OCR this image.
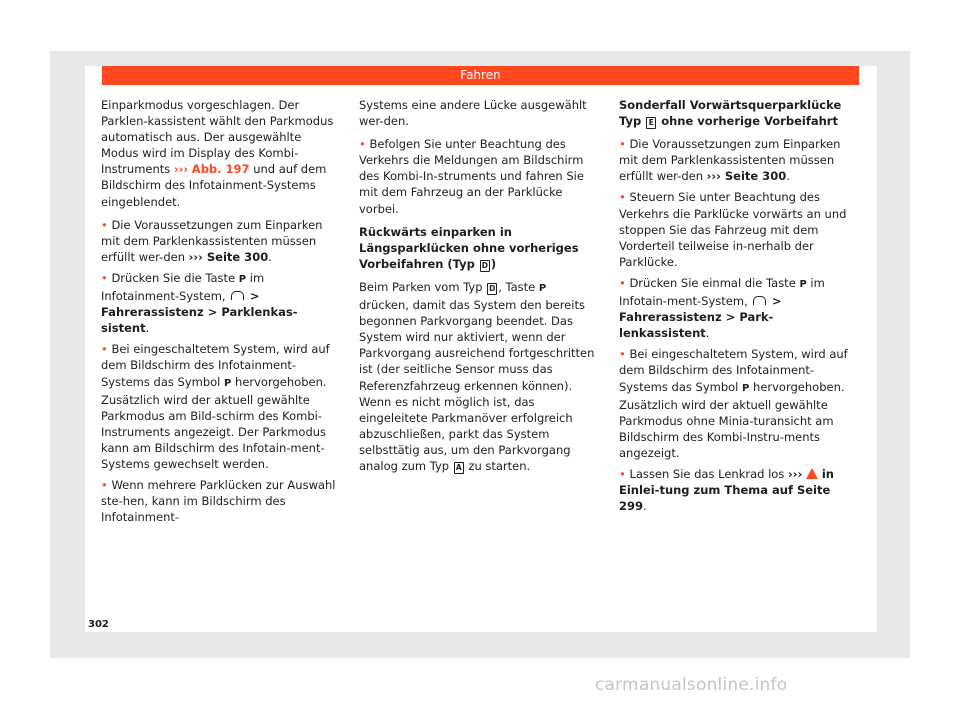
Fahren

Einparkmodus vorgeschlagen. Der Parklen-kassistent wählt den Parkmodus automatisch aus. Der ausgewählte Modus wird im Display des Kombi-Instruments ››› Abb. 197 und auf dem Bildschirm des Infotainment-Systems eingeblendet.

• Die Voraussetzungen zum Einparken mit dem Parklenkassistenten müssen erfüllt wer-den ››› Seite 300.

• Drücken Sie die Taste P im Infotainment-System,  > Fahrerassistenz > Parklenkas-sistent.

• Bei eingeschaltetem System, wird auf dem Bildschirm des Infotainment-Systems das Symbol P hervorgehoben. Zusätzlich wird der aktuell gewählte Parkmodus am Bild-schirm des Kombi-Instruments angezeigt. Der Parkmodus kann am Bildschirm des Infotain-ment-Systems gewechselt werden.

• Wenn mehrere Parklücken zur Auswahl ste-hen, kann im Bildschirm des Infotainment-

Systems eine andere Lücke ausgewählt wer-den.

• Befolgen Sie unter Beachtung des Verkehrs die Meldungen am Bildschirm des Kombi-In-struments und fahren Sie mit dem Fahrzeug an der Parklücke vorbei.

Rückwärts einparken in Längsparklücken ohne vorheriges Vorbeifahren (Typ D )

Beim Parken vom Typ D , Taste P drücken, damit das System den bereits begonnen Parkvorgang beendet. Das System wird nur aktiviert, wenn der Parkvorgang ausreichend fortgeschritten ist (der seitliche Sensor muss das Referenzfahrzeug erkennen können). Wenn es nicht möglich ist, das eingeleitete Parkmanöver erfolgreich abzuschließen, parkt das System selbsttätig aus, um den Parkvorgang analog zum Typ A zu starten.

Sonderfall Vorwärtsquerparklücke Typ E ohne vorherige Vorbeifahrt

• Die Voraussetzungen zum Einparken mit dem Parklenkassistenten müssen erfüllt wer-den ››› Seite 300.

• Steuern Sie unter Beachtung des Verkehrs die Parklücke vorwärts an und stoppen Sie das Fahrzeug mit dem Vorderteil teilweise in-nerhalb der Parklücke.

• Drücken Sie einmal die Taste P im Infotain-ment-System,  > Fahrerassistenz > Park-lenkassistent.

• Bei eingeschaltetem System, wird auf dem Bildschirm des Infotainment-Systems das Symbol P hervorgehoben. Zusätzlich wird der aktuell gewählte Parkmodus ohne Minia-turansicht am Bildschirm des Kombi-Instru-ments angezeigt.

• Lassen Sie das Lenkrad los ›››  in Einlei-tung zum Thema auf Seite 299.

302
carmanualsonline.info
